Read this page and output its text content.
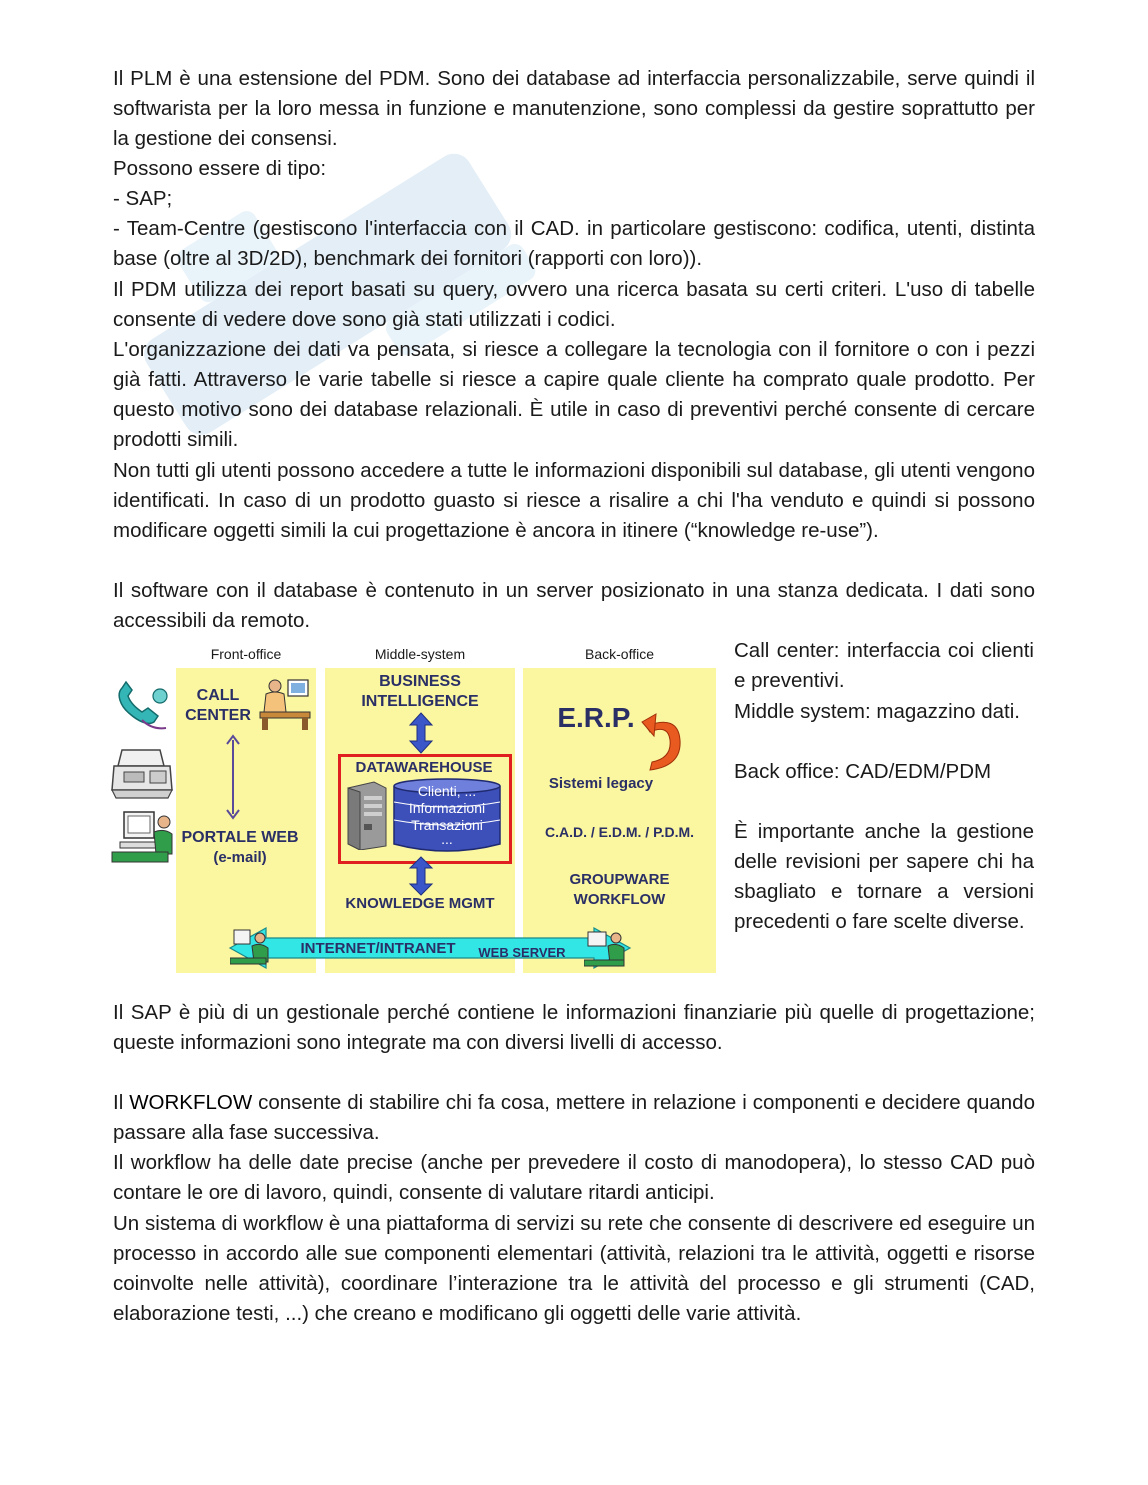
Il PLM è una estensione del PDM. Sono dei database ad interfaccia personalizzabile, serve quindi il softwarista per la loro messa in funzione e manutenzione, sono complessi da gestire soprattutto per la gestione dei consensi.

Possono essere di tipo:

- SAP;

- Team-Centre (gestiscono l'interfaccia con il CAD. in particolare gestiscono: codifica, utenti, distinta base (oltre al 3D/2D), benchmark dei fornitori (rapporti con loro)).

Il PDM utilizza dei report basati su query, ovvero una ricerca basata su certi criteri. L'uso di tabelle consente di vedere dove sono già stati utilizzati i codici.

L'organizzazione dei dati va pensata, si riesce a collegare la tecnologia con il fornitore o con i pezzi già fatti. Attraverso le varie tabelle si riesce a capire quale cliente ha comprato quale prodotto. Per questo motivo sono dei database relazionali. È utile in caso di preventivi perché consente di cercare prodotti simili.

Non tutti gli utenti possono accedere a tutte le informazioni disponibili sul database, gli utenti vengono identificati. In caso di un prodotto guasto si riesce a risalire a chi l'ha venduto e quindi si possono modificare oggetti simili la cui progettazione è ancora in itinere (“knowledge re-use”).

Il software con il database è contenuto in un server posizionato in una stanza dedicata. I dati sono accessibili da remoto.

Front-office	Middle-system	Back-office
CALL
CENTER
PORTALE WEB
(e-mail)
BUSINESS
INTELLIGENCE
DATAWAREHOUSE
Clienti, ...
Informazioni
Transazioni
...
KNOWLEDGE MGMT
E.R.P.
Sistemi legacy
C.A.D. / E.D.M. / P.D.M.
GROUPWARE
WORKFLOW
INTERNET/INTRANET	WEB SERVER

Call center: interfaccia coi clienti e preventivi.

Middle system: magazzino dati.

Back office: CAD/EDM/PDM

È importante anche la gestione delle revisioni per sapere chi ha sbagliato e tornare a versioni precedenti o fare scelte diverse.

Il SAP è più di un gestionale perché contiene le informazioni finanziarie più quelle di progettazione; queste informazioni sono integrate ma con diversi livelli di accesso.

Il WORKFLOW consente di stabilire chi fa cosa, mettere in relazione i componenti e decidere quando passare alla fase successiva.

Il workflow ha delle date precise (anche per prevedere il costo di manodopera), lo stesso CAD può contare le ore di lavoro, quindi, consente di valutare ritardi anticipi.

Un sistema di workflow è una piattaforma di servizi su rete che consente di descrivere ed eseguire un processo in accordo alle sue componenti elementari (attività, relazioni tra le attività, oggetti e risorse coinvolte nelle attività), coordinare l’interazione tra le attività del processo e gli strumenti (CAD, elaborazione testi, ...) che creano e modificano gli oggetti delle varie attività.
